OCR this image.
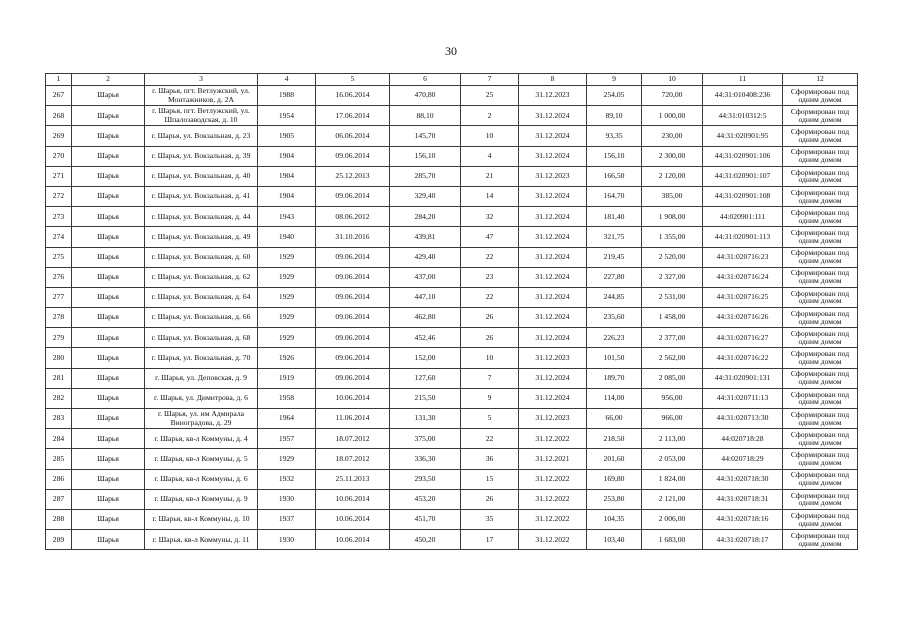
30
1	2	3	4	5	6	7	8	9	10	11	12
267	Шарья	г. Шарья, пгт. Ветлужский, ул. Монтажников, д. 2А	1988	16.06.2014	470,80	25	31.12.2023	254,05	720,00	44:31:010408:236	Сформирован под одним домом
268	Шарья	г. Шарья, пгт. Ветлужский, ул. Шпалозаводская, д. 10	1954	17.06.2014	88,10	2	31.12.2024	89,10	1 000,00	44:31:010312:5	Сформирован под одним домом
269	Шарья	г. Шарья, ул. Вокзальная, д. 23	1905	06.06.2014	145,70	10	31.12.2024	93,35	230,00	44:31:020901:95	Сформирован под одним домом
270	Шарья	г. Шарья, ул. Вокзальная, д. 39	1904	09.06.2014	156,10	4	31.12.2024	156,10	2 300,00	44:31:020901:106	Сформирован под одним домом
271	Шарья	г. Шарья, ул. Вокзальная, д. 40	1904	25.12.2013	285,70	21	31.12.2023	166,50	2 120,00	44:31:020901:107	Сформирован под одним домом
272	Шарья	г. Шарья, ул. Вокзальная, д. 41	1904	09.06.2014	329,40	14	31.12.2024	164,70	385,00	44:31:020901:108	Сформирован под одним домом
273	Шарья	г. Шарья, ул. Вокзальная, д. 44	1943	08.06.2012	284,20	32	31.12.2024	181,40	1 908,00	44:020901:111	Сформирован под одним домом
274	Шарья	г. Шарья, ул. Вокзальная, д. 49	1940	31.10.2016	439,81	47	31.12.2024	321,75	1 355,00	44:31:020901:113	Сформирован под одним домом
275	Шарья	г. Шарья, ул. Вокзальная, д. 60	1929	09.06.2014	429,40	22	31.12.2024	219,45	2 520,00	44:31:020716:23	Сформирован под одним домом
276	Шарья	г. Шарья, ул. Вокзальная, д. 62	1929	09.06.2014	437,00	23	31.12.2024	227,80	2 327,00	44:31:020716:24	Сформирован под одним домом
277	Шарья	г. Шарья, ул. Вокзальная, д. 64	1929	09.06.2014	447,10	22	31.12.2024	244,85	2 531,00	44:31:020716:25	Сформирован под одним домом
278	Шарья	г. Шарья, ул. Вокзальная, д. 66	1929	09.06.2014	462,80	26	31.12.2024	235,60	1 458,00	44:31:020716:26	Сформирован под одним домом
279	Шарья	г. Шарья, ул. Вокзальная, д. 68	1929	09.06.2014	452,46	26	31.12.2024	226,23	2 377,00	44:31:020716:27	Сформирован под одним домом
280	Шарья	г. Шарья, ул. Вокзальная, д. 70	1926	09.06.2014	152,00	10	31.12.2023	101,50	2 562,00	44:31:020716:22	Сформирован под одним домом
281	Шарья	г. Шарья, ул. Деповская, д. 9	1919	09.06.2014	127,60	7	31.12.2024	189,70	2 085,00	44:31:020901:131	Сформирован под одним домом
282	Шарья	г. Шарья, ул. Димитрова, д. 6	1958	10.06.2014	215,50	9	31.12.2024	114,00	956,00	44:31:020711:13	Сформирован под одним домом
283	Шарья	г. Шарья, ул. им Адмирала Виноградова, д. 29	1964	11.06.2014	131,30	5	31.12.2023	66,00	966,00	44:31:020713:30	Сформирован под одним домом
284	Шарья	г. Шарья, кв-л Коммуны, д. 4	1957	18.07.2012	375,00	22	31.12.2022	218,50	2 113,00	44:020718:28	Сформирован под одним домом
285	Шарья	г. Шарья, кв-л Коммуны, д. 5	1929	18.07.2012	336,30	36	31.12.2021	201,60	2 053,00	44:020718:29	Сформирован под одним домом
286	Шарья	г. Шарья, кв-л Коммуны, д. 6	1932	25.11.2013	293,50	15	31.12.2022	169,80	1 824,00	44:31:020718:30	Сформирован под одним домом
287	Шарья	г. Шарья, кв-л Коммуны, д. 9	1930	10.06.2014	453,20	26	31.12.2022	253,80	2 121,00	44:31:020718:31	Сформирован под одним домом
288	Шарья	г. Шарья, кв-л Коммуны, д. 10	1937	10.06.2014	451,70	35	31.12.2022	104,35	2 006,00	44:31:020718:16	Сформирован под одним домом
289	Шарья	г. Шарья, кв-л Коммуны, д. 11	1930	10.06.2014	450,20	17	31.12.2022	103,40	1 683,00	44:31:020718:17	Сформирован под одним домом
